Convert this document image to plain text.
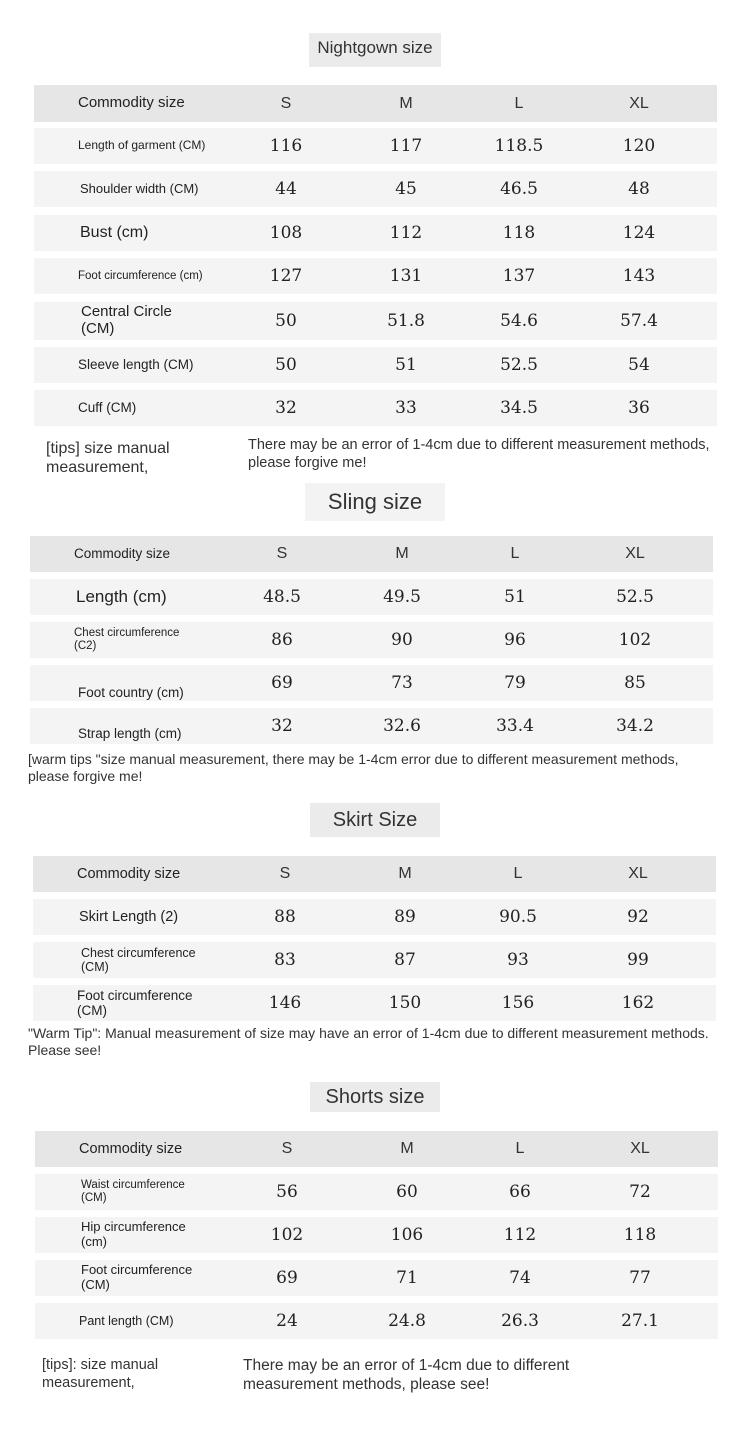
Nightgown size
Commodity size	S	M	L	XL
Length of garment (CM)	116	117	118.5	120
Shoulder width (CM)	44	45	46.5	48
Bust (cm)	108	112	118	124
Foot circumference (cm)	127	131	137	143
Central Circle (CM)	50	51.8	54.6	57.4
Sleeve length (CM)	50	51	52.5	54
Cuff (CM)	32	33	34.5	36
[tips] size manual measurement,
There may be an error of 1-4cm due to different measurement methods, please forgive me!
Sling size
Commodity size	S	M	L	XL
Length (cm)	48.5	49.5	51	52.5
Chest circumference (C2)	86	90	96	102
Foot country (cm)	69	73	79	85
Strap length (cm)	32	32.6	33.4	34.2
[warm tips "size manual measurement, there may be 1-4cm error due to different measurement methods, please forgive me!
Skirt Size
Commodity size	S	M	L	XL
Skirt Length (2)	88	89	90.5	92
Chest circumference (CM)	83	87	93	99
Foot circumference (CM)	146	150	156	162
"Warm Tip": Manual measurement of size may have an error of 1-4cm due to different measurement methods. Please see!
Shorts size
Commodity size	S	M	L	XL
Waist circumference (CM)	56	60	66	72
Hip circumference (cm)	102	106	112	118
Foot circumference (CM)	69	71	74	77
Pant length (CM)	24	24.8	26.3	27.1
[tips]: size manual measurement,
There may be an error of 1-4cm due to different measurement methods, please see!
